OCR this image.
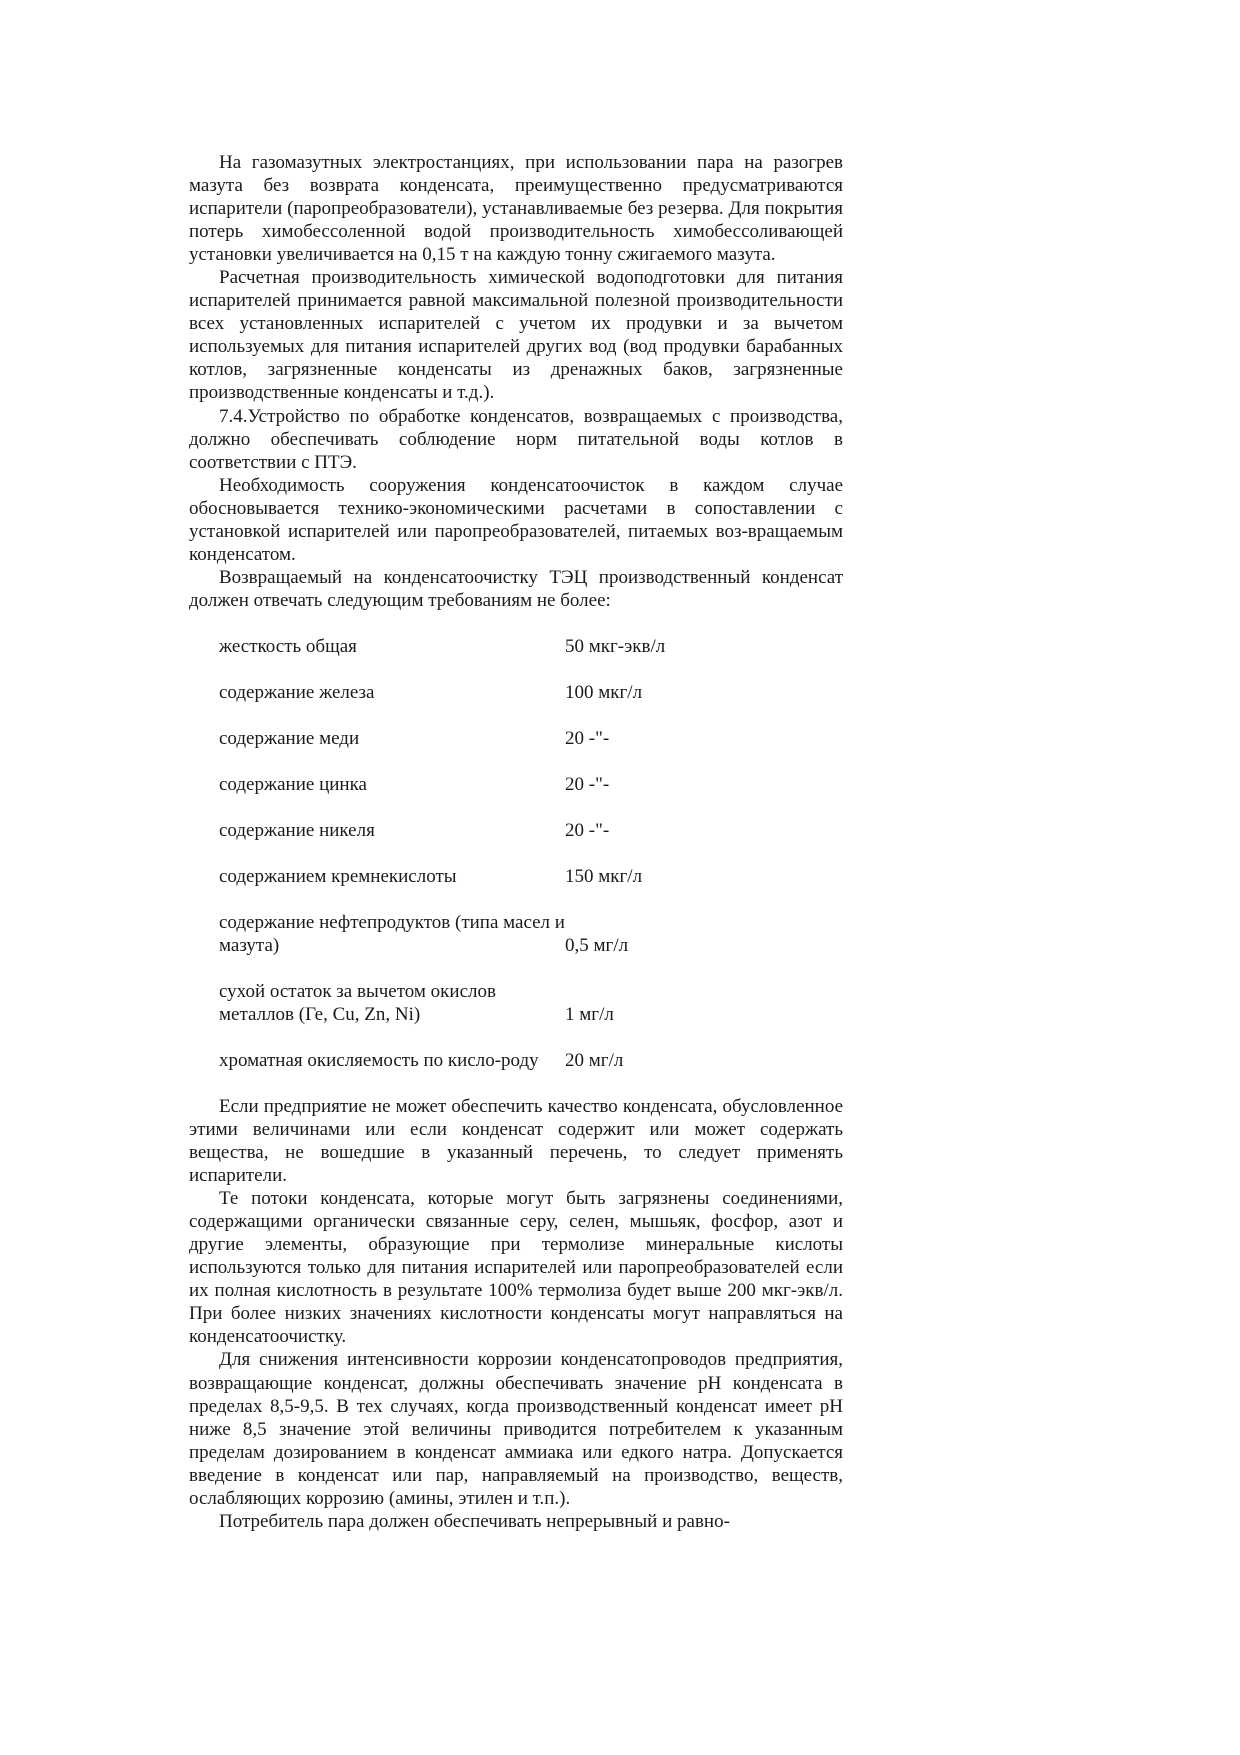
На газомазутных электростанциях, при использовании пара на разогрев мазута без возврата конденсата, преимущественно предусматриваются испарители (паропреобразователи), устанавливаемые без резерва. Для покрытия потерь химобессоленной водой производительность химобессоливающей установки увеличивается на 0,15 т на каждую тонну сжигаемого мазута.

Расчетная производительность химической водоподготовки для питания испарителей принимается равной максимальной полезной производительности всех установленных испарителей с учетом их продувки и за вычетом используемых для питания испарителей других вод (вод продувки барабанных котлов, загрязненные конденсаты из дренажных баков, загрязненные производственные конденсаты и т.д.).

7.4.Устройство по обработке конденсатов, возвращаемых с производства, должно обеспечивать соблюдение норм питательной воды котлов в соответствии с ПТЭ.

Необходимость сооружения конденсатоочисток в каждом случае обосновывается технико-экономическими расчетами в сопоставлении с установкой испарителей или паропреобразователей, питаемых воз-вращаемым конденсатом.

Возвращаемый на конденсатоочистку ТЭЦ производственный конденсат должен отвечать следующим требованиям не более:

жесткость общая	50 мкг-экв/л
содержание железа	100 мкг/л
содержание меди	20 -"-
содержание цинка	20 -"-
содержание никеля	20 -"-
содержанием кремнекислоты	150 мкг/л
содержание нефтепродуктов (типа масел и мазута)	0,5 мг/л
сухой остаток за вычетом окислов металлов (Ге, Cu, Zn, Ni)	1 мг/л
хроматная окисляемость по кисло-роду	20 мг/л

Если предприятие не может обеспечить качество конденсата, обусловленное этими величинами или если конденсат содержит или может содержать вещества, не вошедшие в указанный перечень, то следует применять испарители.

Те потоки конденсата, которые могут быть загрязнены соединениями, содержащими органически связанные серу, селен, мышьяк, фосфор, азот и другие элементы, образующие при термолизе минеральные кислоты используются только для питания испарителей или паропреобразователей если их полная кислотность в результате 100% термолиза будет выше 200 мкг-экв/л. При более низких значениях кислотности конденсаты могут направляться на конденсатоочистку.

Для снижения интенсивности коррозии конденсатопроводов предприятия, возвращающие конденсат, должны обеспечивать значение pH конденсата в пределах 8,5-9,5. В тех случаях, когда производственный конденсат имеет pH ниже 8,5 значение этой величины приводится потребителем к указанным пределам дозированием в конденсат аммиака или едкого натра. Допускается введение в конденсат или пар, направляемый на производство, веществ, ослабляющих коррозию (амины, этилен и т.п.).

Потребитель пара должен обеспечивать непрерывный и равно-
